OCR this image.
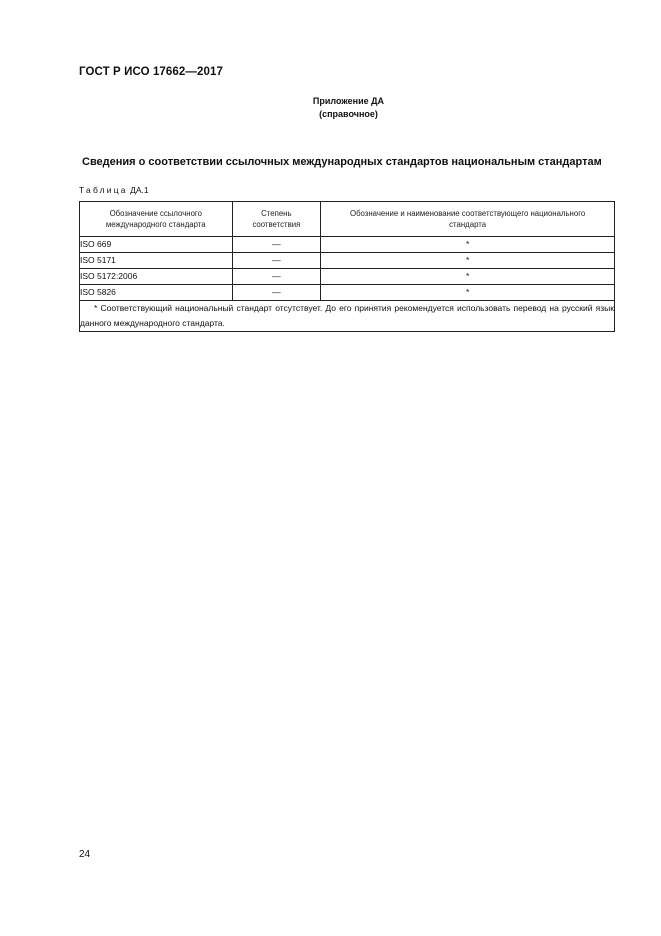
ГОСТ Р ИСО 17662—2017
Приложение ДА
(справочное)
Сведения о соответствии ссылочных международных стандартов национальным стандартам
Таблица ДА.1
Обозначение ссылочного международного стандарта	Степень соответствия	Обозначение и наименование соответствующего национального стандарта

ISO 669	—	*
ISO 5171	—	*
ISO 5172:2006	—	*
ISO 5826	—	*
* Соответствующий национальный стандарт отсутствует. До его принятия рекомендуется использовать перевод на русский язык данного международного стандарта.		
24
